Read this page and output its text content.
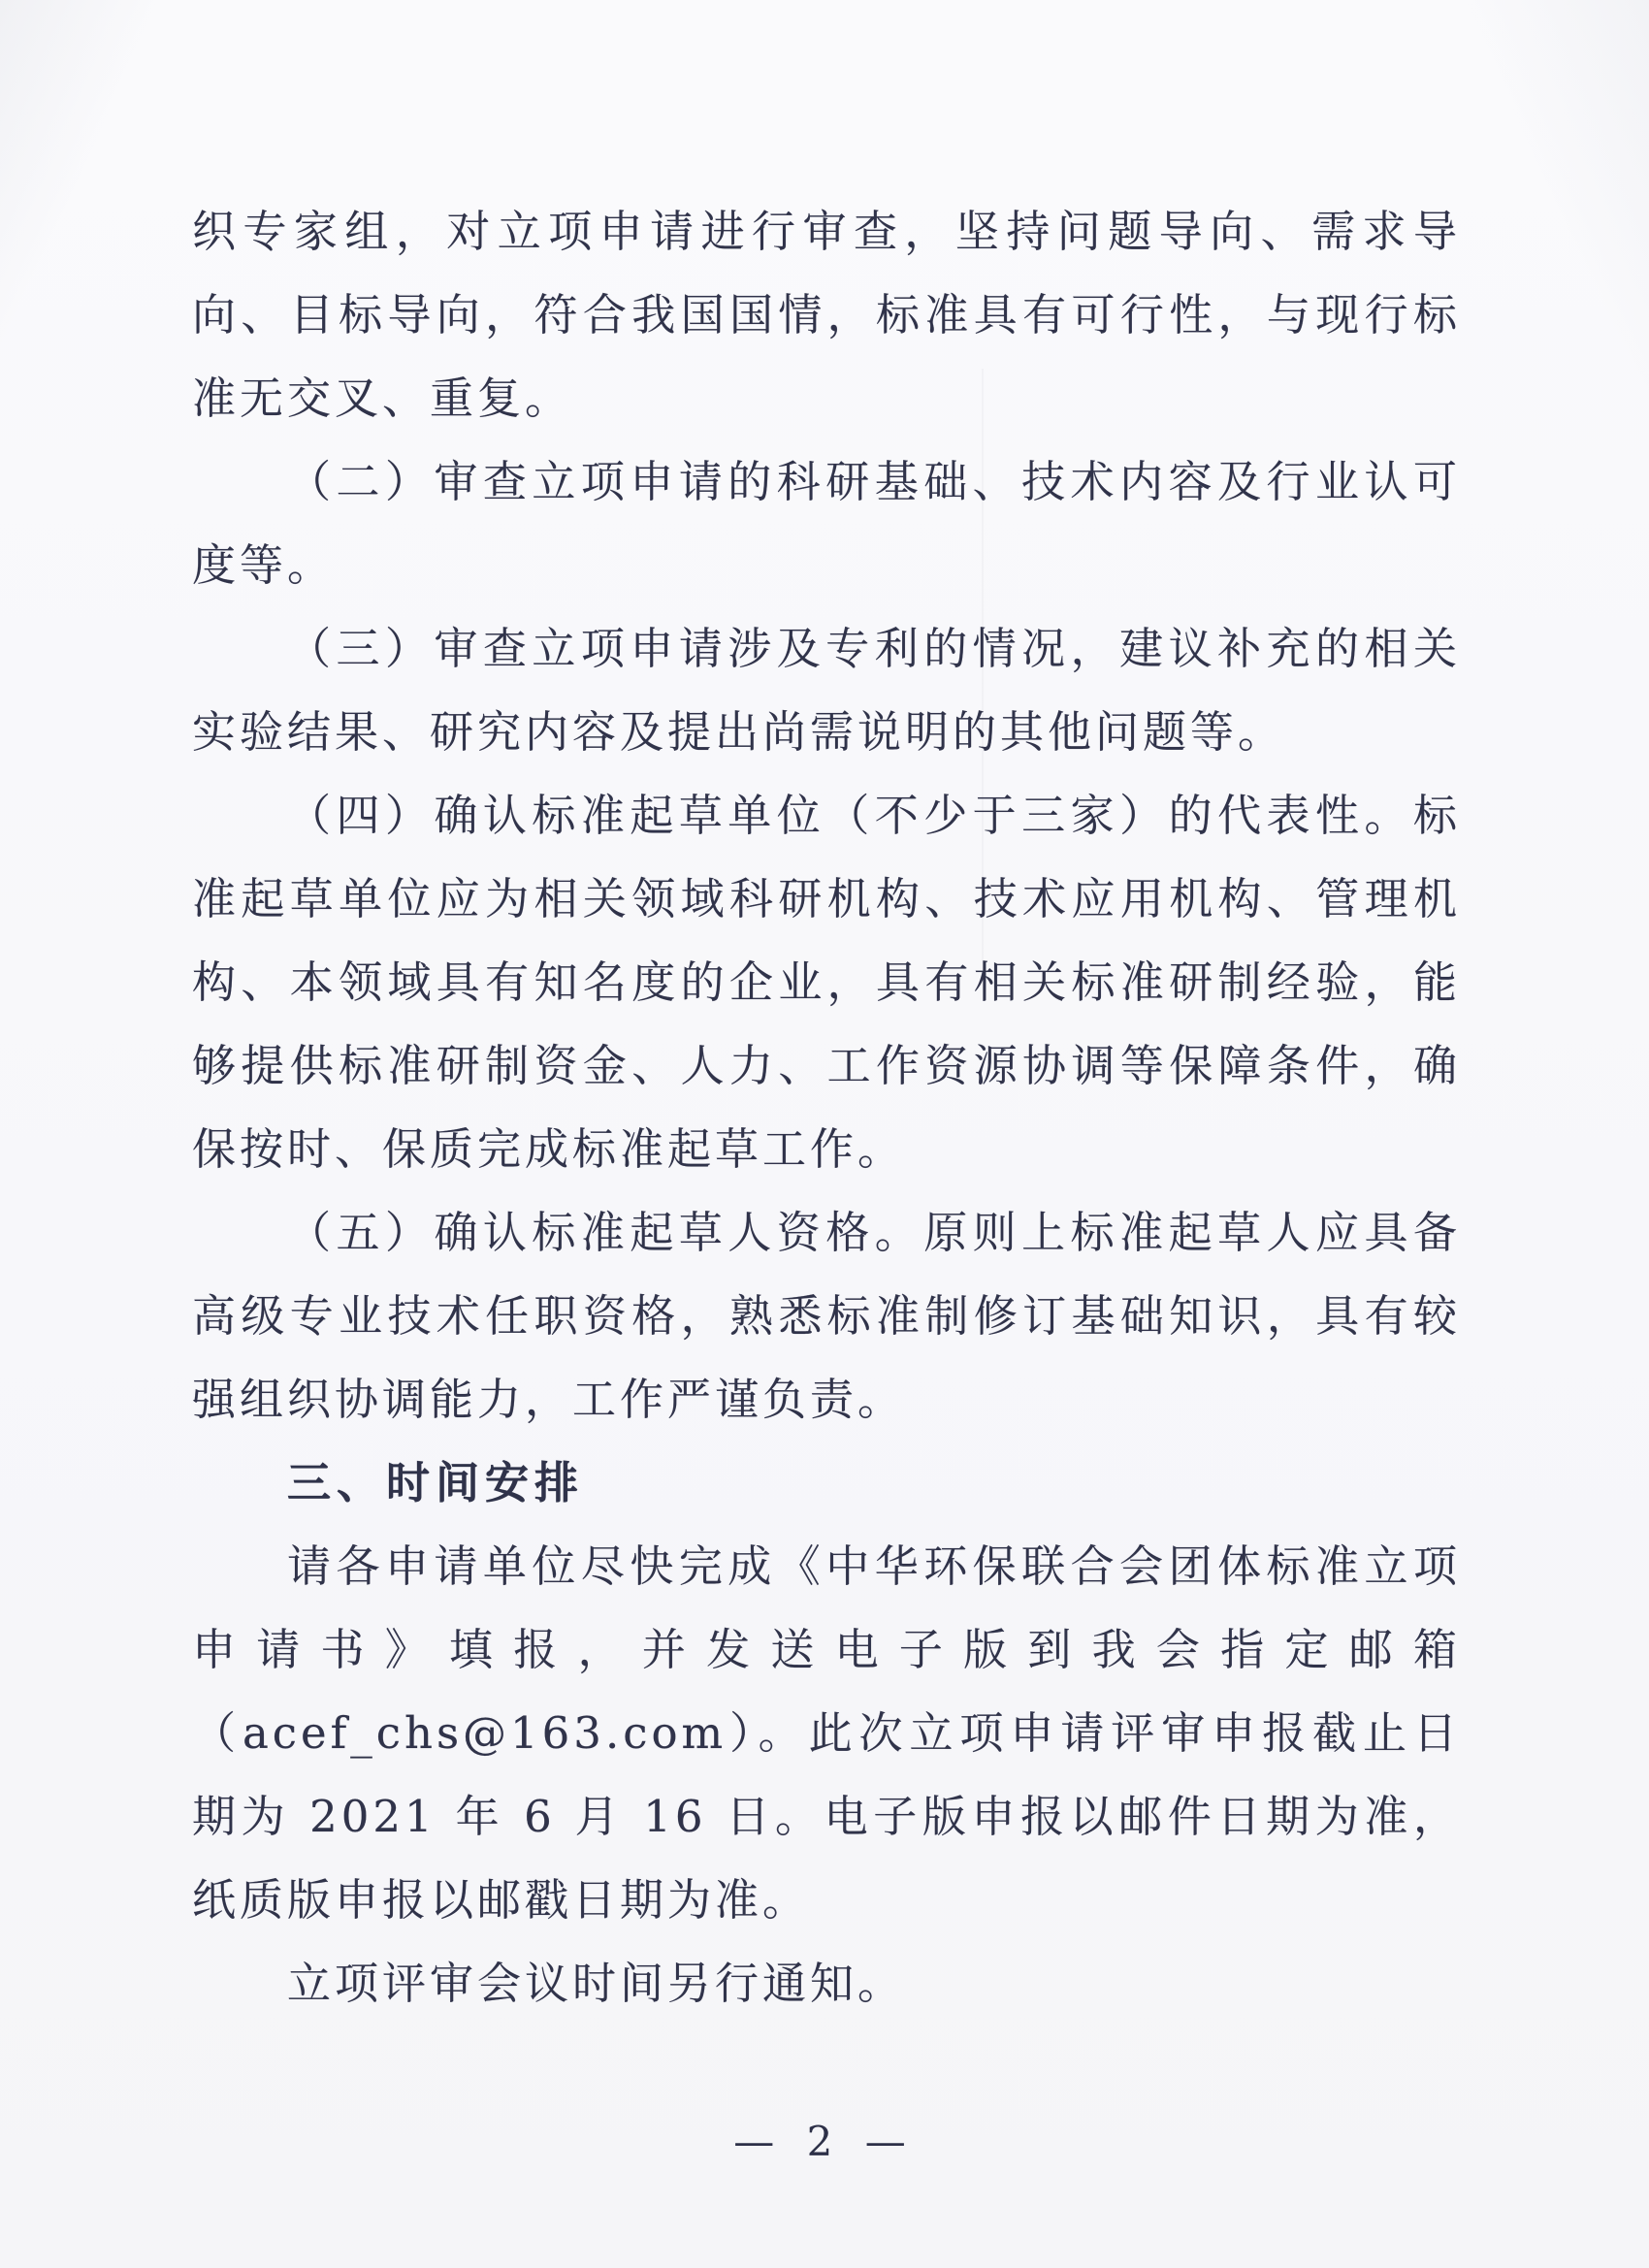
织专家组，对立项申请进行审查，坚持问题导向、需求导向、目标导向，符合我国国情，标准具有可行性，与现行标准无交叉、重复。

（二）审查立项申请的科研基础、技术内容及行业认可度等。

（三）审查立项申请涉及专利的情况，建议补充的相关实验结果、研究内容及提出尚需说明的其他问题等。

（四）确认标准起草单位（不少于三家）的代表性。标准起草单位应为相关领域科研机构、技术应用机构、管理机构、本领域具有知名度的企业，具有相关标准研制经验，能够提供标准研制资金、人力、工作资源协调等保障条件，确保按时、保质完成标准起草工作。

（五）确认标准起草人资格。原则上标准起草人应具备高级专业技术任职资格，熟悉标准制修订基础知识，具有较强组织协调能力，工作严谨负责。

三、时间安排

请各申请单位尽快完成《中华环保联合会团体标准立项申请书》填报，并发送电子版到我会指定邮箱（acef_chs@163.com）。此次立项申请评审申报截止日期为 2021 年 6 月 16 日。电子版申报以邮件日期为准，纸质版申报以邮戳日期为准。

立项评审会议时间另行通知。

— 2 —
